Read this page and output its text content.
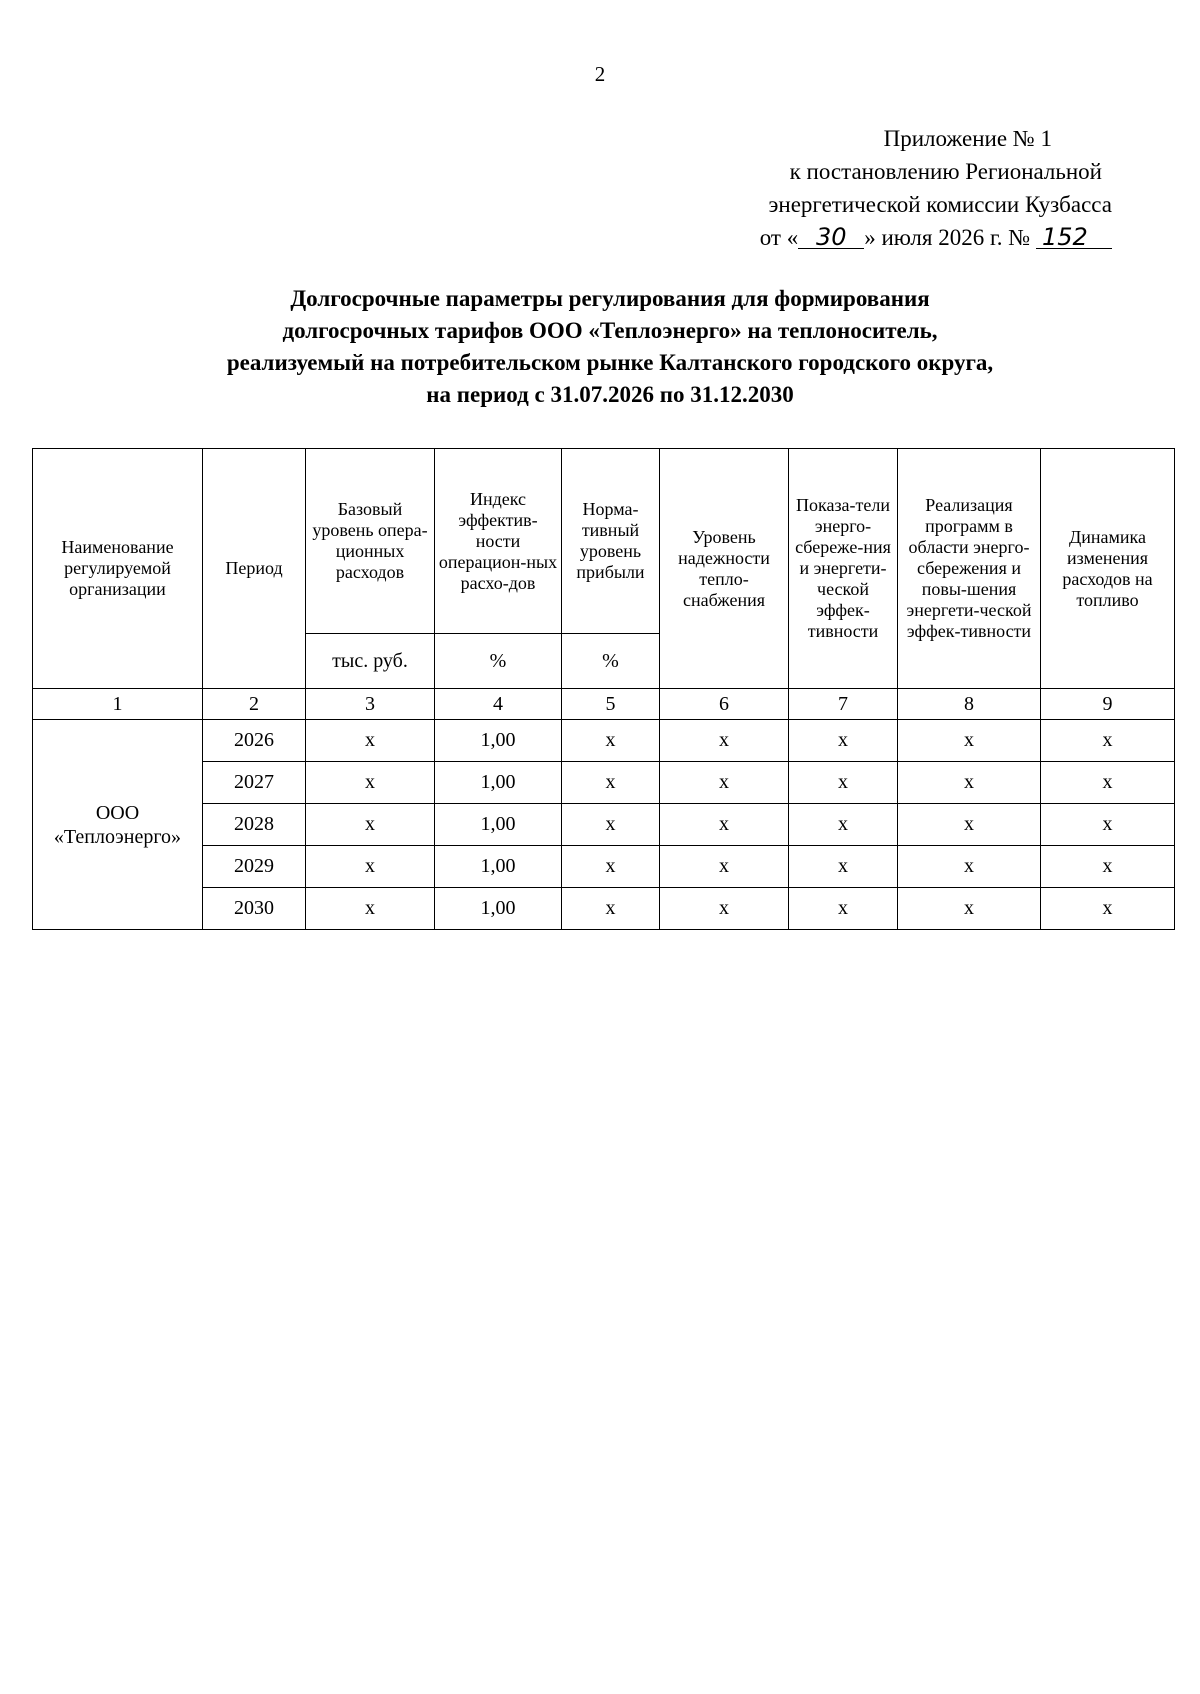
2
Приложение № 1
к постановлению Региональной
энергетической комиссии Кузбасса
от « 30 » июля 2026 г. № 152
Долгосрочные параметры регулирования для формирования
долгосрочных тарифов ООО «Теплоэнерго» на теплоноситель,
реализуемый на потребительском рынке Калтанского городского округа,
на период с 31.07.2026 по 31.12.2030
Наименование регулируемой организации	Период	Базовый уровень опера-ционных расходов	Индекс эффектив-ности операцион-ных расхо-дов	Норма-тивный уровень прибыли	Уровень надежности тепло-снабжения	Показа-тели энерго-сбереже-ния и энергети-ческой эффек-тивности	Реализация программ в области энерго-сбережения и повы-шения энергети-ческой эффек-тивности	Динамика изменения расходов на топливо
		тыс. руб.	%	%				
1	2	3	4	5	6	7	8	9
ООО «Теплоэнерго»	2026	х	1,00	х	х	х	х	х
	2027	х	1,00	х	х	х	х	х
	2028	х	1,00	х	х	х	х	х
	2029	х	1,00	х	х	х	х	х
	2030	х	1,00	х	х	х	х	х
